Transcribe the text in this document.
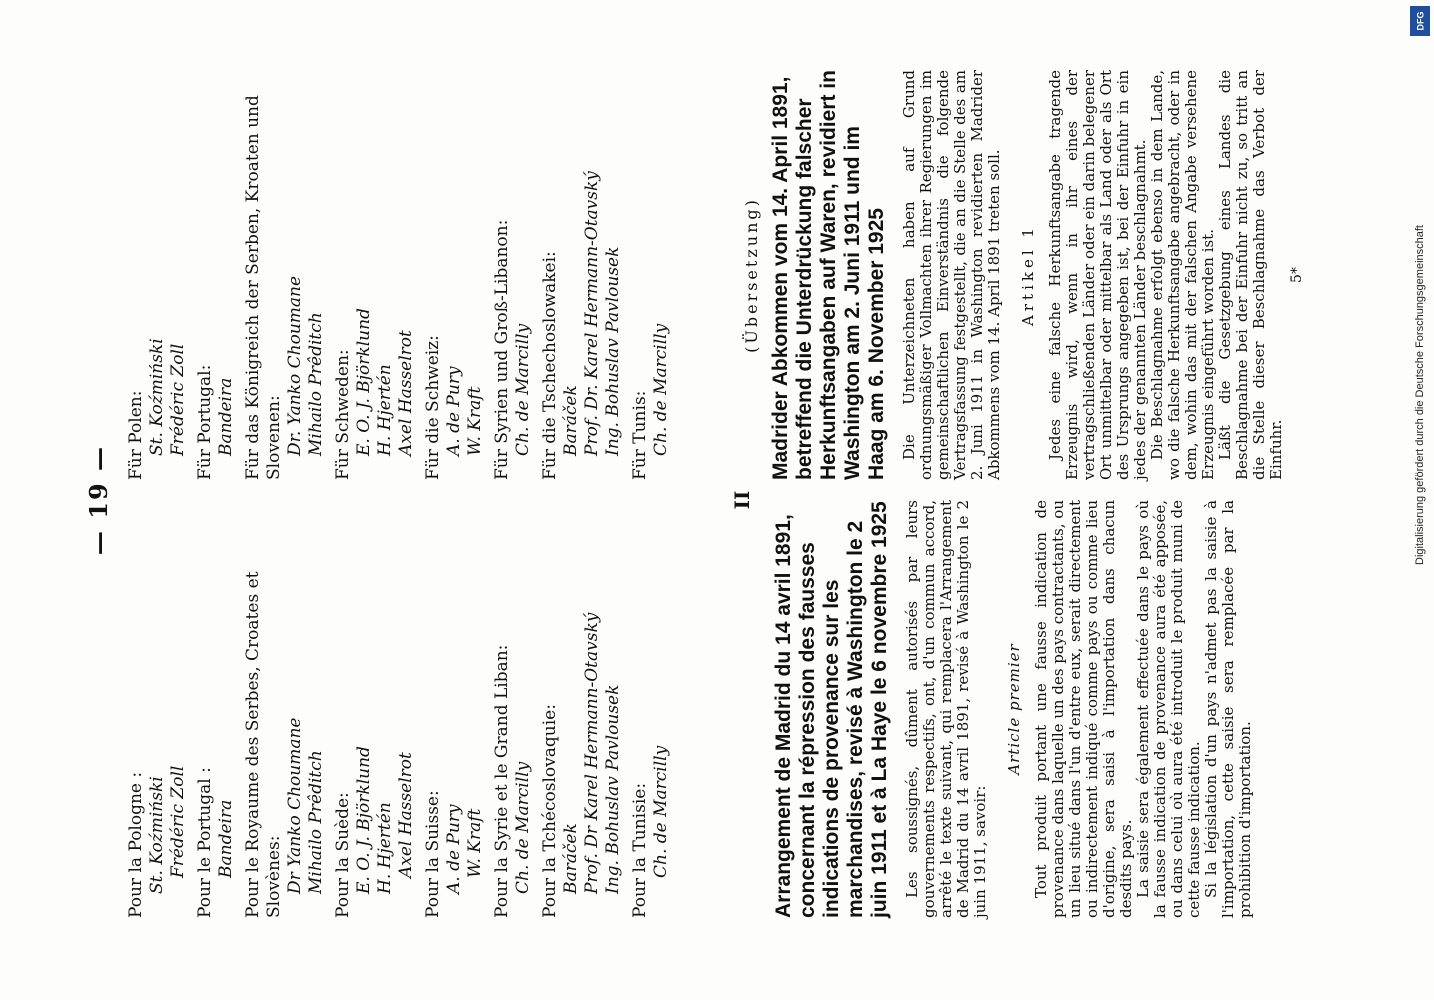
— 19 —
Pour la Pologne : St. Koźmiński Frédéric Zoll Pour le Portugal : Bandeira Pour le Royaume des Serbes, Croates et Slovènes: Dr Yanko Choumane Mihailo Prêditch Pour la Suède: E. O. J. Björklund H. Hjertén Axel Hasselrot Pour la Suisse: A. de Pury W. Kraft Pour la Syrie et le Grand Liban: Ch. de Marcilly Pour la Tchécoslovaquie: Baráček Prof. Dr Karel Hermann-Otavský Ing. Bohuslav Pavlousek Pour la Tunisie: Ch. de Marcilly
Für Polen: St. Koźmiński Frédéric Zoll Für Portugal: Bandeira Für das Königreich der Serben, Kroaten und Slovenen: Dr. Yanko Choumane Mihailo Prêditch Für Schweden: E. O. J. Björklund H. Hjertén Axel Hasselrot Für die Schweiz: A. de Pury W. Kraft Für Syrien und Groß-Libanon: Ch. de Marcilly Für die Tschechoslowakei: Baráček Prof. Dr. Karel Hermann-Otavský Ing. Bohuslav Pavlousek Für Tunis: Ch. de Marcilly
II
Arrangement de Madrid du 14 avril 1891, concernant la répression des fausses indications de provenance sur les marchandises, revisé à Washington le 2 juin 1911 et à La Haye le 6 novembre 1925 Les soussignés, dûment autorisés par leurs gouvernements respectifs, ont, d'un commun accord, arrêté le texte suivant, qui remplacera l'Arrangement de Madrid du 14 avril 1891, revisé à Washington le 2 juin 1911, savoir:

Article premier Tout produit portant une fausse indication de provenance dans laquelle un des pays contractants, ou un lieu situé dans l'un d'entre eux, serait directement ou indirectement indiqué comme pays ou comme lieu d'origine, sera saisi à l'importation dans chacun desdits pays. La saisie sera également effectuée dans le pays où la fausse indication de provenance aura été apposée, ou dans celui où aura été introduit le produit muni de cette fausse indication. Si la législation d'un pays n'admet pas la saisie à l'importation, cette saisie sera remplacée par la prohibition d'importation.

(Übersetzung) Madrider Abkommen vom 14. April 1891, betreffend die Unterdrückung falscher Herkunftsangaben auf Waren, revidiert in Washington am 2. Juni 1911 und im Haag am 6. November 1925 Die Unterzeichneten haben auf Grund ordnungsmäßiger Vollmachten ihrer Regierungen im gemeinschaftlichen Einverständnis die folgende Vertragsfassung festgestellt, die an die Stelle des am 2. Juni 1911 in Washington revidierten Madrider Abkommens vom 14. April 1891 treten soll. Artikel 1 Jedes eine falsche Herkunftsangabe tragende Erzeugnis wird, wenn in ihr eines der vertragschließenden Länder oder ein darin belegener Ort unmittelbar oder mittelbar als Land oder als Ort des Ursprungs angegeben ist, bei der Einfuhr in ein jedes der genannten Länder beschlagnahmt. Die Beschlagnahme erfolgt ebenso in dem Lande, wo die falsche Herkunftsangabe angebracht, oder in dem, wohin das mit der falschen Angabe versehene Erzeugnis eingeführt worden ist. Läßt die Gesetzgebung eines Landes die Beschlagnahme bei der Einfuhr nicht zu, so tritt an die Stelle dieser Beschlagnahme das Verbot der Einfuhr.

5*
DFG
Digitalisierung gefördert durch die Deutsche Forschungsgemeinschaft
